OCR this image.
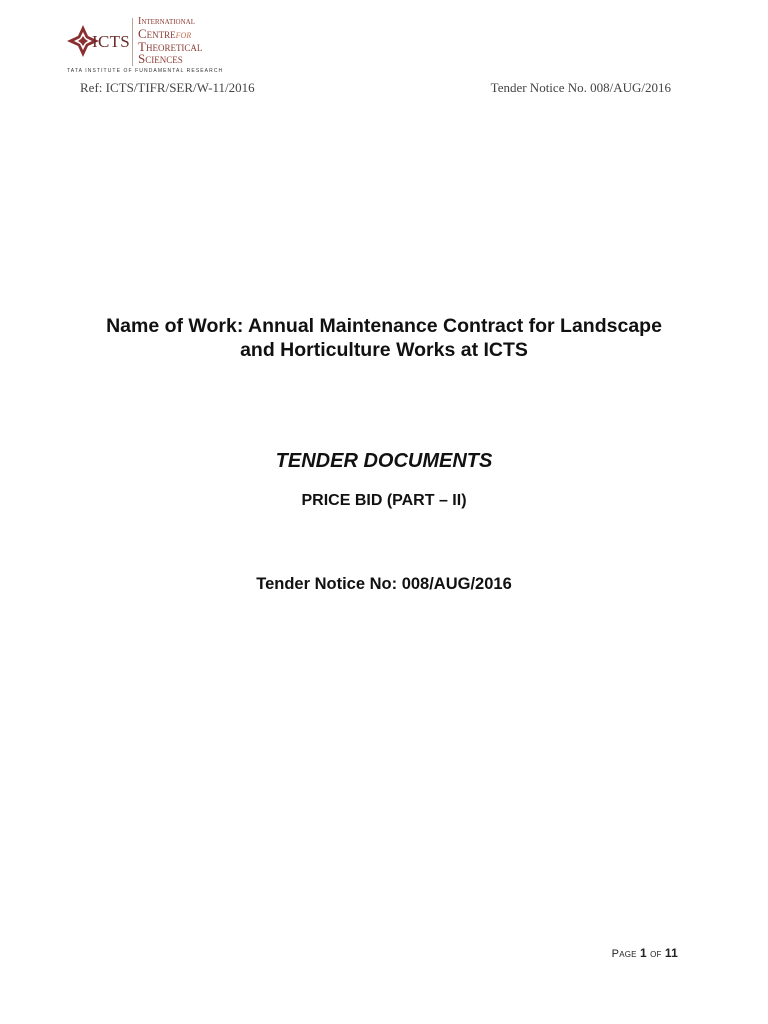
ICTS
International
Centrefor
Theoretical
Sciences
TATA INSTITUTE OF FUNDAMENTAL RESEARCH
Ref: ICTS/TIFR/SER/W-11/2016	Tender Notice No. 008/AUG/2016
Name of Work: Annual Maintenance Contract for Landscape
and Horticulture Works at ICTS
TENDER DOCUMENTS
PRICE BID (PART – II)
Tender Notice No: 008/AUG/2016
Page 1 of 11
